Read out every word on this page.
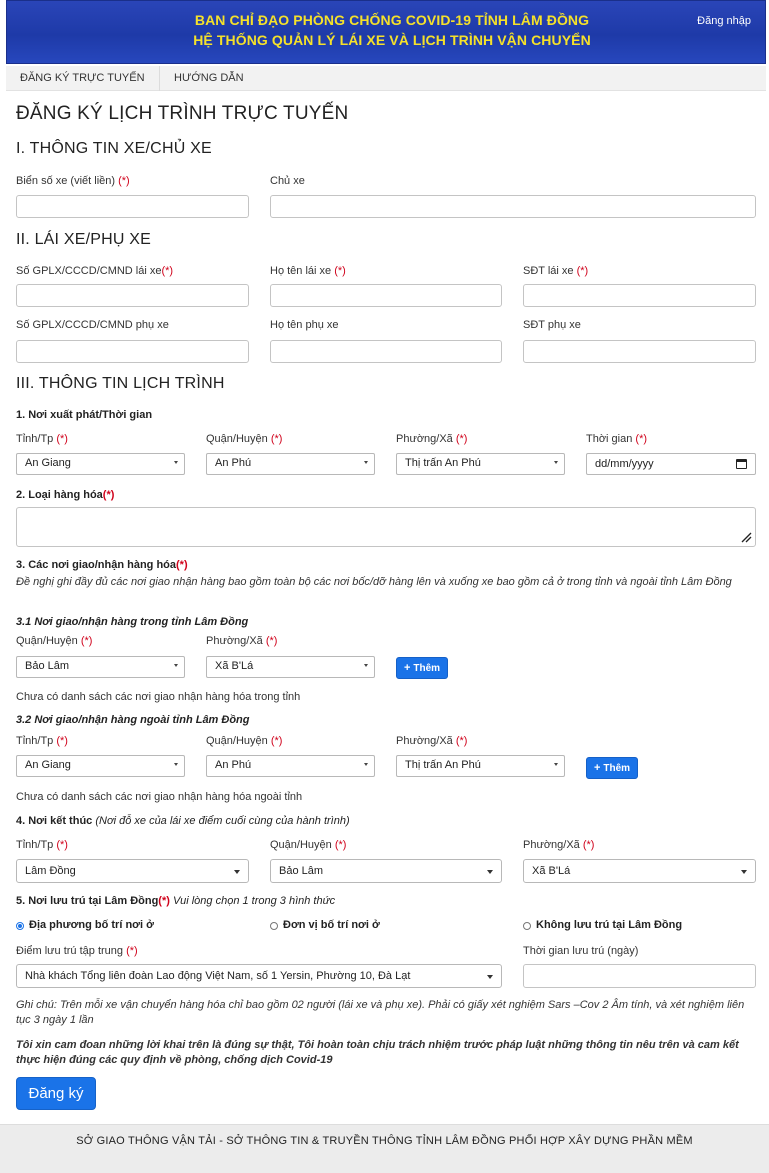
BAN CHỈ ĐẠO PHÒNG CHỐNG COVID-19 TỈNH LÂM ĐỒNG
HỆ THỐNG QUẢN LÝ LÁI XE VÀ LỊCH TRÌNH VẬN CHUYỂN
Đăng nhập
ĐĂNG KÝ TRỰC TUYẾN	HƯỚNG DẪN
ĐĂNG KÝ LỊCH TRÌNH TRỰC TUYẾN
I. THÔNG TIN XE/CHỦ XE
Biển số xe (viết liền) (*)	Chủ xe
II. LÁI XE/PHỤ XE
Số GPLX/CCCD/CMND lái xe(*)	Họ tên lái xe (*)	SĐT lái xe (*)
Số GPLX/CCCD/CMND phụ xe	Họ tên phụ xe	SĐT phụ xe
III. THÔNG TIN LỊCH TRÌNH
1. Nơi xuất phát/Thời gian
Tỉnh/Tp (*)	Quận/Huyện (*)	Phường/Xã (*)	Thời gian (*)
An Giang	An Phú	Thị trấn An Phú	dd/mm/yyyy
2. Loại hàng hóa(*)
3. Các nơi giao/nhận hàng hóa(*)
Đề nghị ghi đầy đủ các nơi giao nhận hàng bao gồm toàn bộ các nơi bốc/dỡ hàng lên và xuống xe bao gồm cả ở trong tỉnh và ngoài tỉnh Lâm Đồng
3.1 Nơi giao/nhận hàng trong tỉnh Lâm Đồng
Quận/Huyện (*)	Phường/Xã (*)
Bảo Lâm	Xã B'Lá	+ Thêm
Chưa có danh sách các nơi giao nhận hàng hóa trong tỉnh
3.2 Nơi giao/nhận hàng ngoài tỉnh Lâm Đồng
Tỉnh/Tp (*)	Quận/Huyện (*)	Phường/Xã (*)
An Giang	An Phú	Thị trấn An Phú	+ Thêm
Chưa có danh sách các nơi giao nhận hàng hóa ngoài tỉnh
4. Nơi kết thúc (Nơi đỗ xe của lái xe điểm cuối cùng của hành trình)
Tỉnh/Tp (*)	Quận/Huyện (*)	Phường/Xã (*)
Lâm Đồng	Bảo Lâm	Xã B'Lá
5. Nơi lưu trú tại Lâm Đồng(*) Vui lòng chọn 1 trong 3 hình thức
Địa phương bố trí nơi ở	Đơn vị bố trí nơi ở	Không lưu trú tại Lâm Đồng
Điểm lưu trú tập trung (*)	Thời gian lưu trú (ngày)
Nhà khách Tổng liên đoàn Lao động Việt Nam, số 1 Yersin, Phường 10, Đà Lạt
Ghi chú: Trên mỗi xe vận chuyển hàng hóa chỉ bao gồm 02 người (lái xe và phụ xe). Phải có giấy xét nghiệm Sars –Cov 2 Âm tính, và xét nghiệm liên tục 3 ngày 1 lần
Tôi xin cam đoan những lời khai trên là đúng sự thật, Tôi hoàn toàn chịu trách nhiệm trước pháp luật những thông tin nêu trên và cam kết thực hiện đúng các quy định về phòng, chống dịch Covid-19
Đăng ký
SỞ GIAO THÔNG VẬN TẢI - SỞ THÔNG TIN & TRUYỀN THÔNG TỈNH LÂM ĐỒNG PHỐI HỢP XÂY DỰNG PHẦN MỀM
